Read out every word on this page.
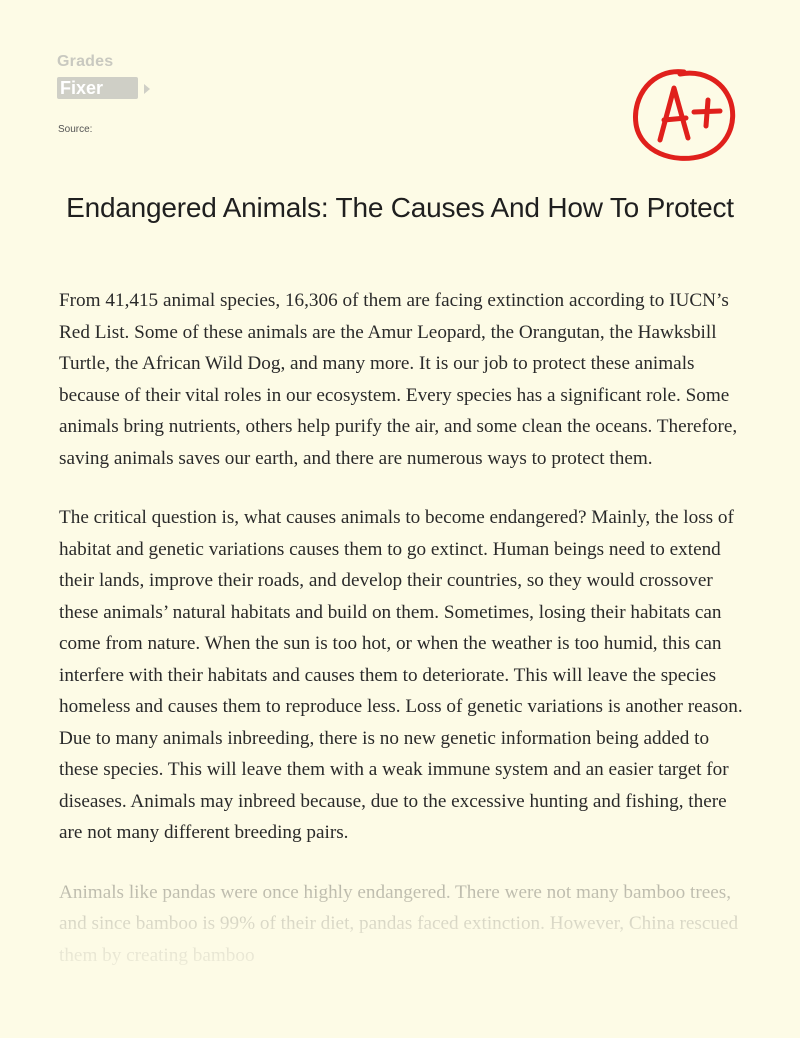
Grades
Fixer
Source:
Endangered Animals: The Causes And How To Protect

From 41,415 animal species, 16,306 of them are facing extinction according to IUCN’s Red List. Some of these animals are the Amur Leopard, the Orangutan, the Hawksbill Turtle, the African Wild Dog, and many more. It is our job to protect these animals because of their vital roles in our ecosystem. Every species has a significant role. Some animals bring nutrients, others help purify the air, and some clean the oceans. Therefore, saving animals saves our earth, and there are numerous ways to protect them.

The critical question is, what causes animals to become endangered? Mainly, the loss of habitat and genetic variations causes them to go extinct. Human beings need to extend their lands, improve their roads, and develop their countries, so they would crossover these animals’ natural habitats and build on them. Sometimes, losing their habitats can come from nature. When the sun is too hot, or when the weather is too humid, this can interfere with their habitats and causes them to deteriorate. This will leave the species homeless and causes them to reproduce less. Loss of genetic variations is another reason. Due to many animals inbreeding, there is no new genetic information being added to these species. This will leave them with a weak immune system and an easier target for diseases. Animals may inbreed because, due to the excessive hunting and fishing, there are not many different breeding pairs.
